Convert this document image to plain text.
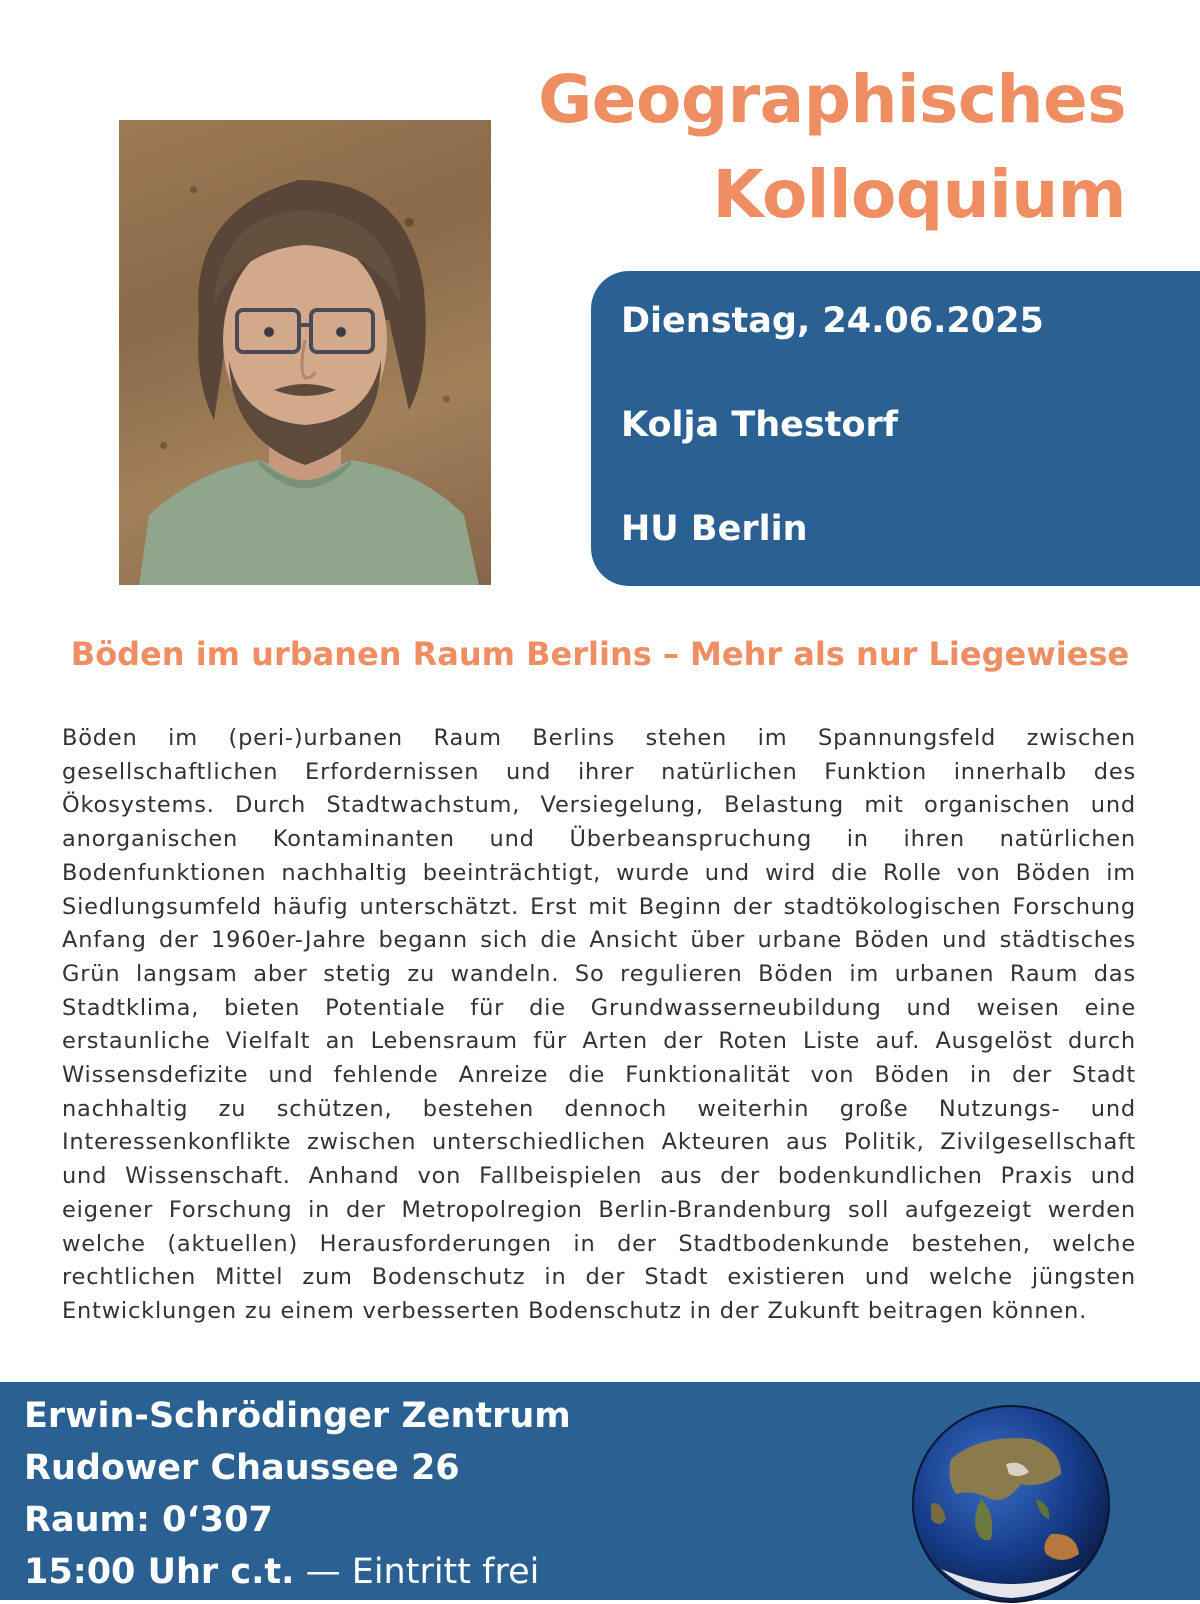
Geographisches
Kolloquium
Dienstag, 24.06.2025
Kolja Thestorf
HU Berlin
Böden im urbanen Raum Berlins – Mehr als nur Liegewiese
Böden im (peri-)urbanen Raum Berlins stehen im Spannungsfeld zwischen gesellschaftlichen Erfordernissen und ihrer natürlichen Funktion innerhalb des Ökosystems. Durch Stadtwachstum, Versiegelung, Belastung mit organischen und anorganischen Kontaminanten und Überbeanspruchung in ihren natürlichen Bodenfunktionen nachhaltig beeinträchtigt, wurde und wird die Rolle von Böden im Siedlungsumfeld häufig unterschätzt. Erst mit Beginn der stadtökologischen Forschung Anfang der 1960er-Jahre begann sich die Ansicht über urbane Böden und städtisches Grün langsam aber stetig zu wandeln. So regulieren Böden im urbanen Raum das Stadtklima, bieten Potentiale für die Grundwasserneubildung und weisen eine erstaunliche Vielfalt an Lebensraum für Arten der Roten Liste auf. Ausgelöst durch Wissensdefizite und fehlende Anreize die Funktionalität von Böden in der Stadt nachhaltig zu schützen, bestehen dennoch weiterhin große Nutzungs- und Interessenkonflikte zwischen unterschiedlichen Akteuren aus Politik, Zivilgesellschaft und Wissenschaft. Anhand von Fallbeispielen aus der bodenkundlichen Praxis und eigener Forschung in der Metropolregion Berlin-Brandenburg soll aufgezeigt werden welche (aktuellen) Herausforderungen in der Stadtbodenkunde bestehen, welche rechtlichen Mittel zum Bodenschutz in der Stadt existieren und welche jüngsten Entwicklungen zu einem verbesserten Bodenschutz in der Zukunft beitragen können.
Erwin-Schrödinger Zentrum
Rudower Chaussee 26
Raum: 0‘307
15:00 Uhr c.t. — Eintritt frei
